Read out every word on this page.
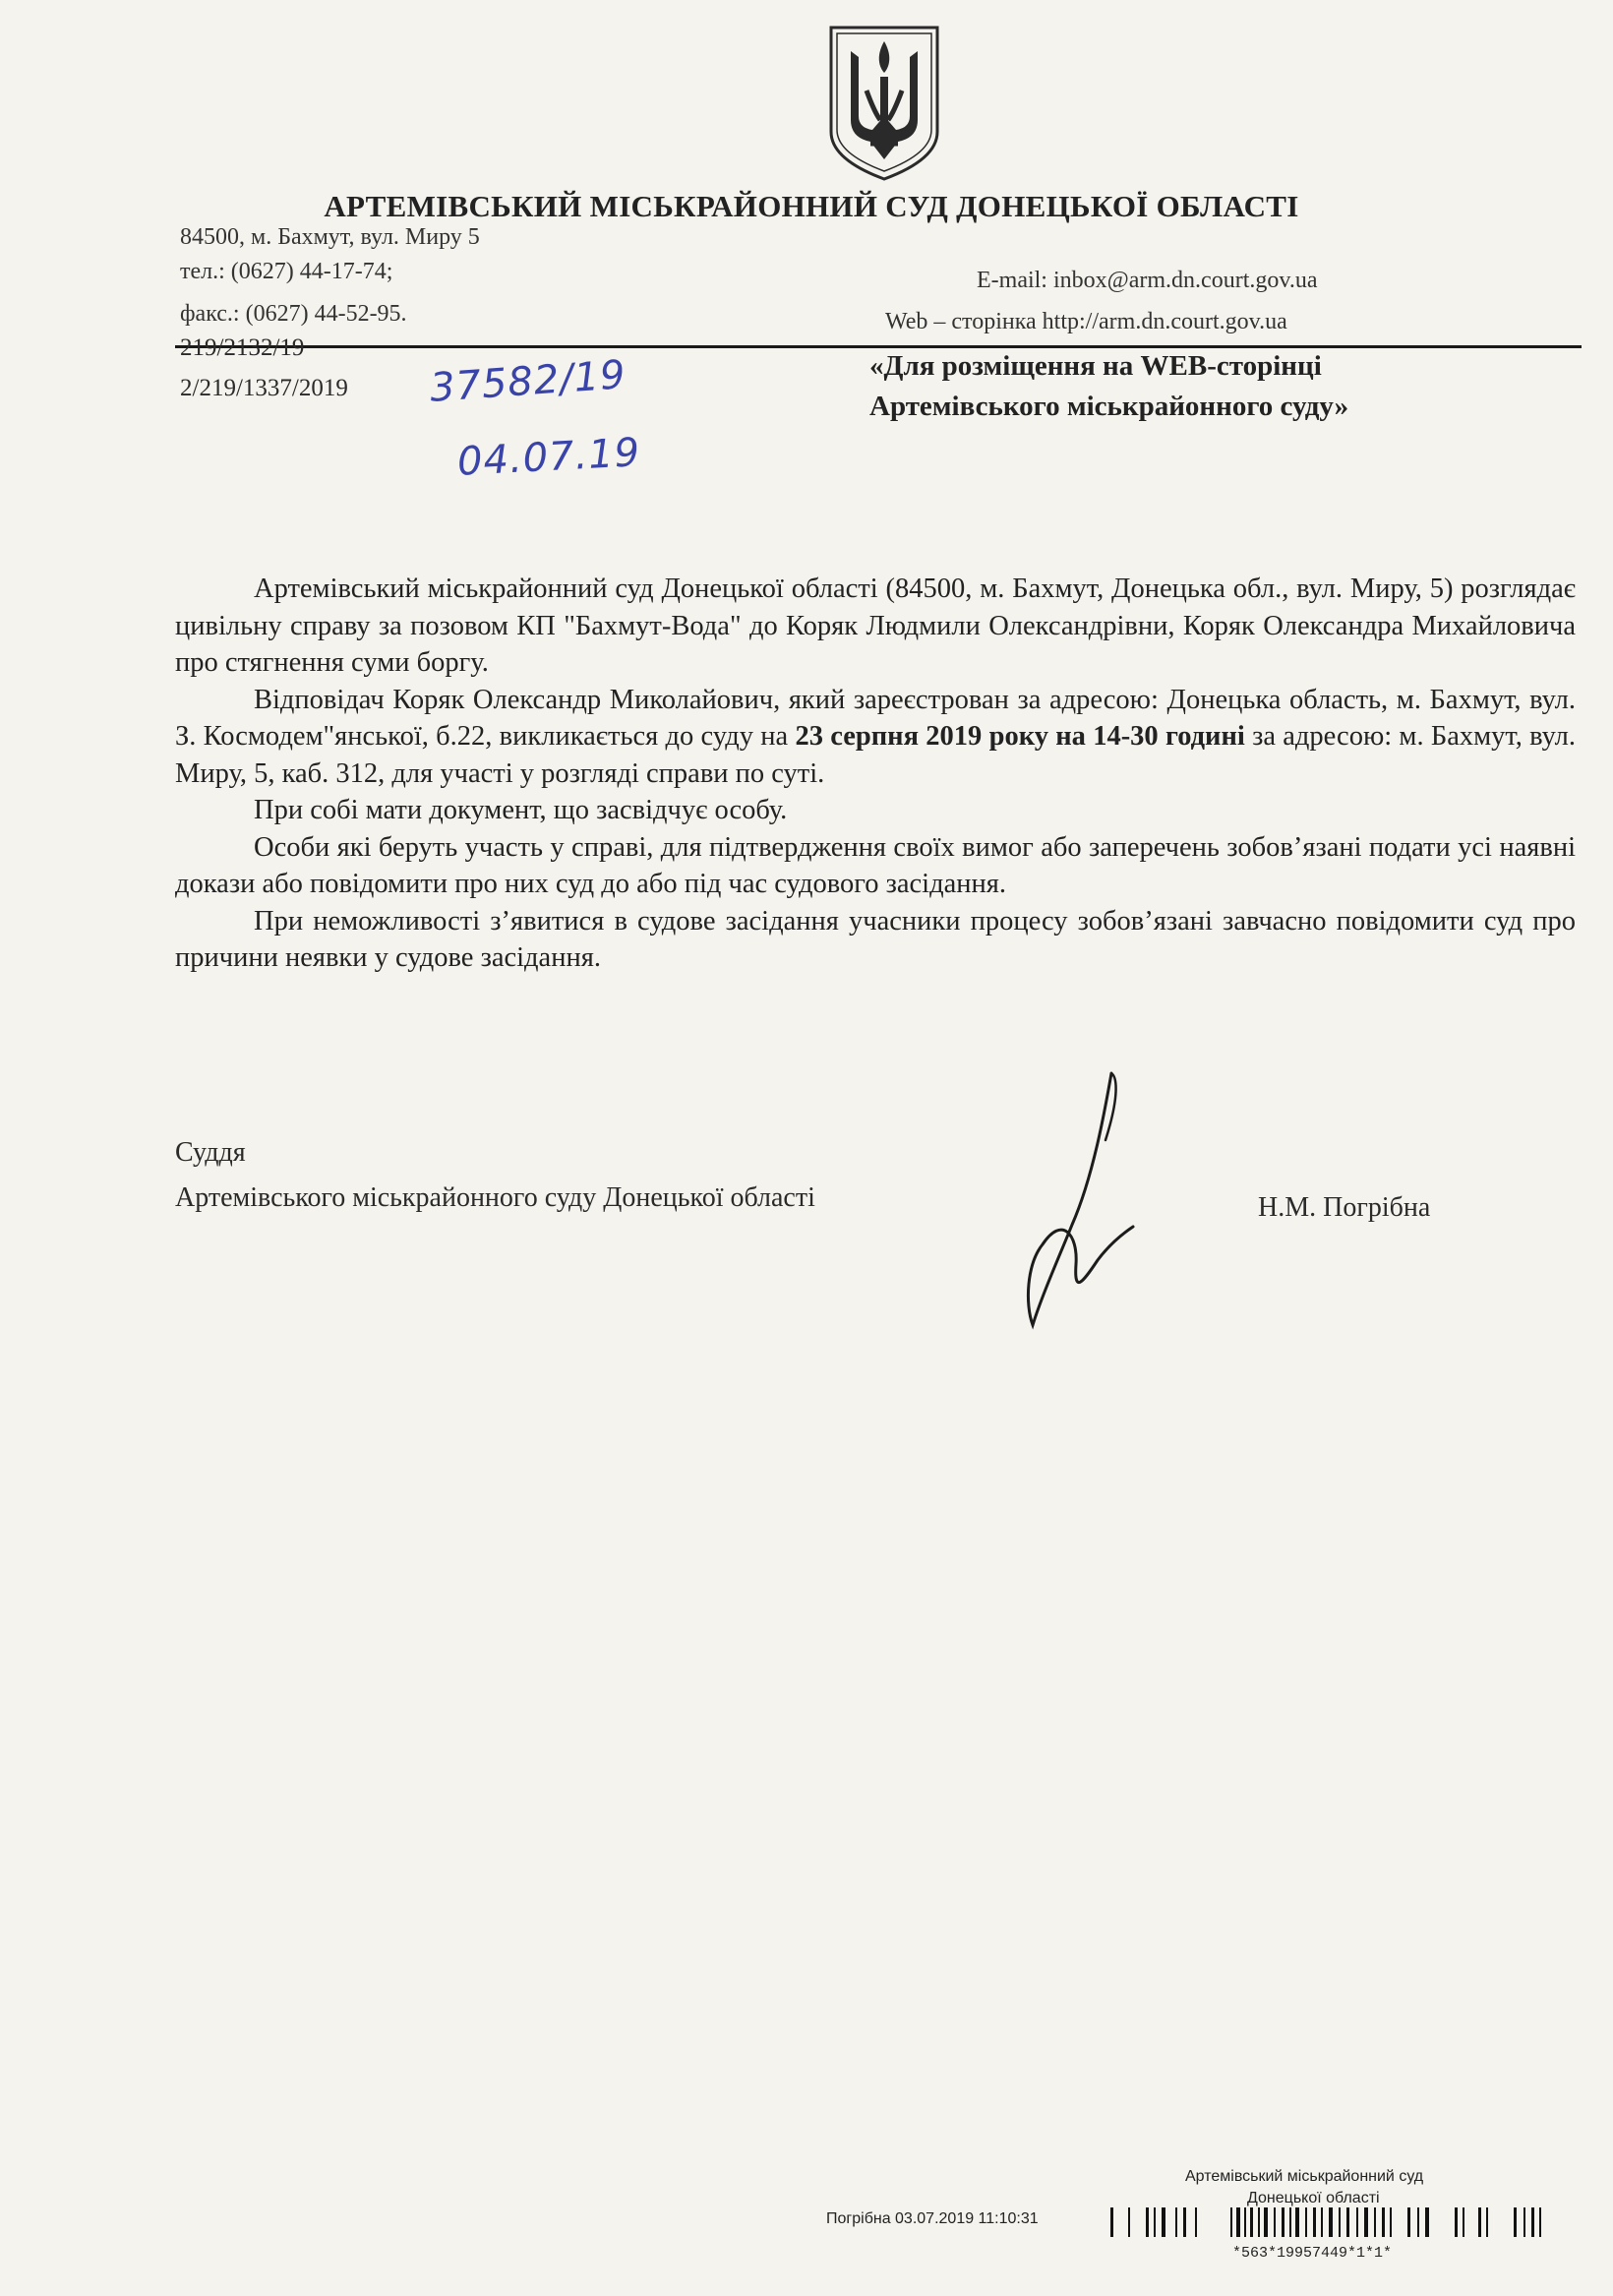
АРТЕМІВСЬКИЙ МІСЬКРАЙОННИЙ СУД ДОНЕЦЬКОЇ ОБЛАСТІ
84500, м. Бахмут, вул. Миру 5
тел.: (0627) 44-17-74;
факс.: (0627) 44-52-95.
E-mail: inbox@arm.dn.court.gov.ua
Web – сторінка http://arm.dn.court.gov.ua
219/2132/19
2/219/1337/2019 37582/19
04.07.19
«Для розміщення на WEB-сторінці
Артемівського міськрайонного суду»

Артемівський міськрайонний суд Донецької області (84500, м. Бахмут, Донецька обл., вул. Миру, 5) розглядає цивільну справу за позовом КП "Бахмут-Вода" до Коряк Людмили Олександрівни, Коряк Олександра Михайловича про стягнення суми боргу.

Відповідач Коряк Олександр Миколайович, який зареєстрован за адресою: Донецька область, м. Бахмут, вул. З. Космодем"янської, б.22, викликається до суду на 23 серпня 2019 року на 14-30 годині за адресою: м. Бахмут, вул. Миру, 5, каб. 312, для участі у розгляді справи по суті.

При собі мати документ, що засвідчує особу.

Особи які беруть участь у справі, для підтвердження своїх вимог або заперечень зобов’язані подати усі наявні докази або повідомити про них суд до або під час судового засідання.

При неможливості з’явитися в судове засідання учасники процесу зобов’язані завчасно повідомити суд про причини неявки у судове засідання.

Суддя
Артемівського міськрайонного суду Донецької області	Н.М. Погрібна
Артемівський міськрайонний суд
Донецької області
Погрібна 03.07.2019 11:10:31
*563*19957449*1*1*
